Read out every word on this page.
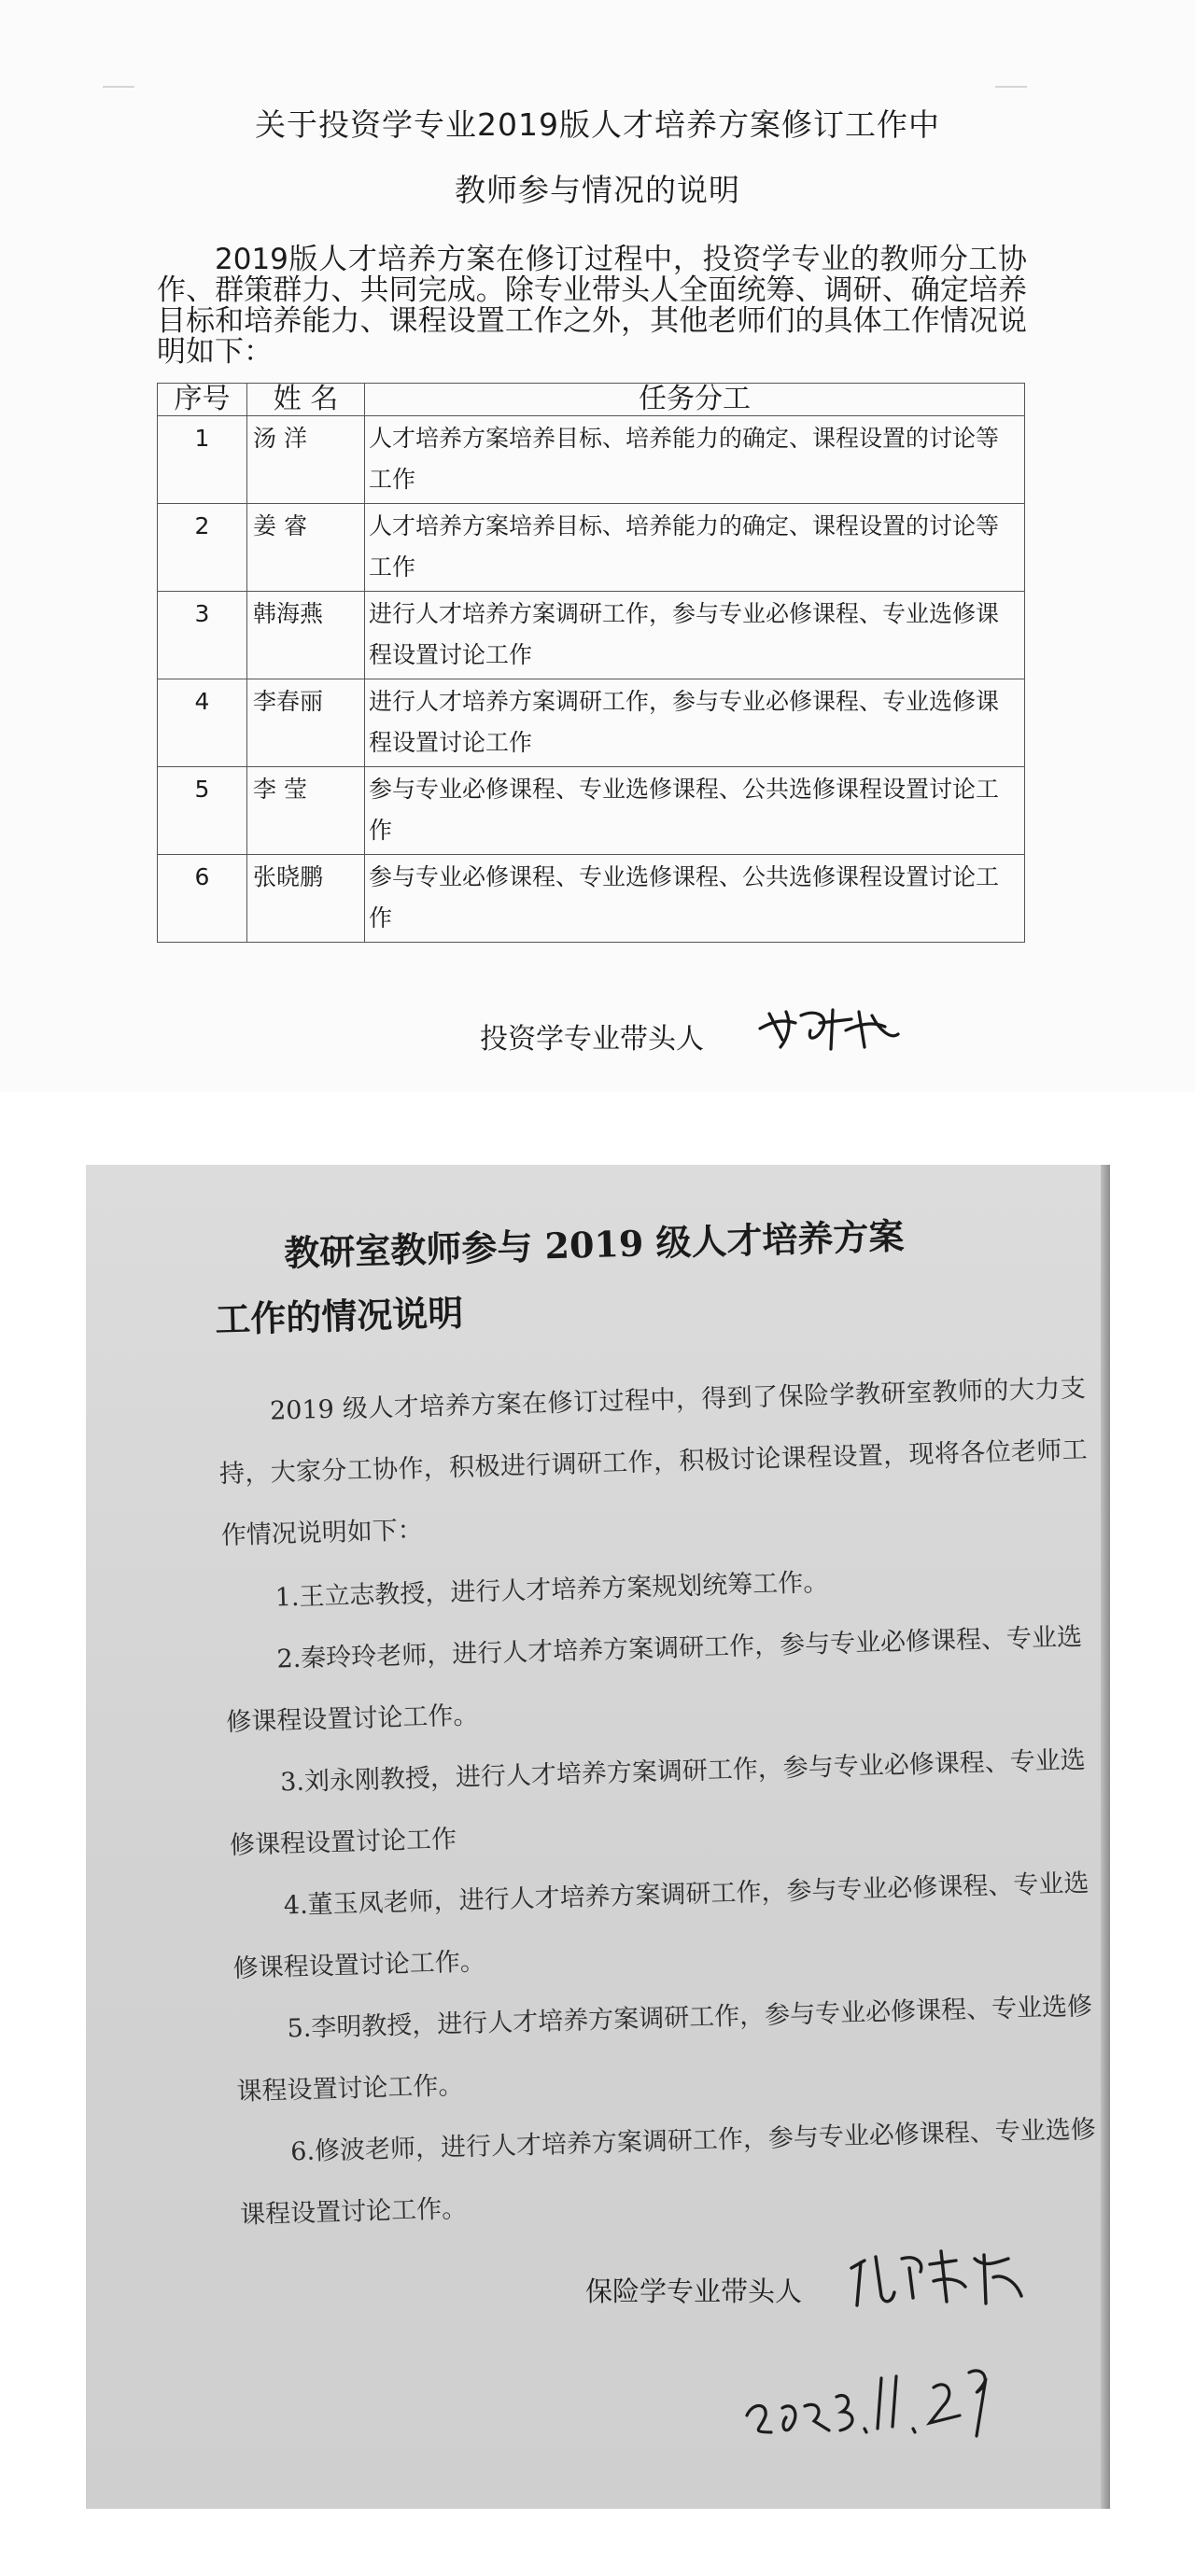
关于投资学专业2019版人才培养方案修订工作中
教师参与情况的说明
2019版人才培养方案在修订过程中，投资学专业的教师分工协作、群策群力、共同完成。除专业带头人全面统筹、调研、确定培养目标和培养能力、课程设置工作之外，其他老师们的具体工作情况说明如下：
序号	姓 名	任务分工
1	汤 洋	人才培养方案培养目标、培养能力的确定、课程设置的讨论等工作
2	姜 睿	人才培养方案培养目标、培养能力的确定、课程设置的讨论等工作
3	韩海燕	进行人才培养方案调研工作，参与专业必修课程、专业选修课程设置讨论工作
4	李春丽	进行人才培养方案调研工作，参与专业必修课程、专业选修课程设置讨论工作
5	李 莹	参与专业必修课程、专业选修课程、公共选修课程设置讨论工作
6	张晓鹏	参与专业必修课程、专业选修课程、公共选修课程设置讨论工作
投资学专业带头人
教研室教师参与 2019 级人才培养方案
工作的情况说明
2019 级人才培养方案在修订过程中，得到了保险学教研室教师的大力支持，大家分工协作，积极进行调研工作，积极讨论课程设置，现将各位老师工作情况说明如下：
1.王立志教授，进行人才培养方案规划统筹工作。
2.秦玲玲老师，进行人才培养方案调研工作，参与专业必修课程、专业选修课程设置讨论工作。
3.刘永刚教授，进行人才培养方案调研工作，参与专业必修课程、专业选修课程设置讨论工作
4.董玉凤老师，进行人才培养方案调研工作，参与专业必修课程、专业选修课程设置讨论工作。
5.李明教授，进行人才培养方案调研工作，参与专业必修课程、专业选修课程设置讨论工作。
6.修波老师，进行人才培养方案调研工作，参与专业必修课程、专业选修课程设置讨论工作。
保险学专业带头人
